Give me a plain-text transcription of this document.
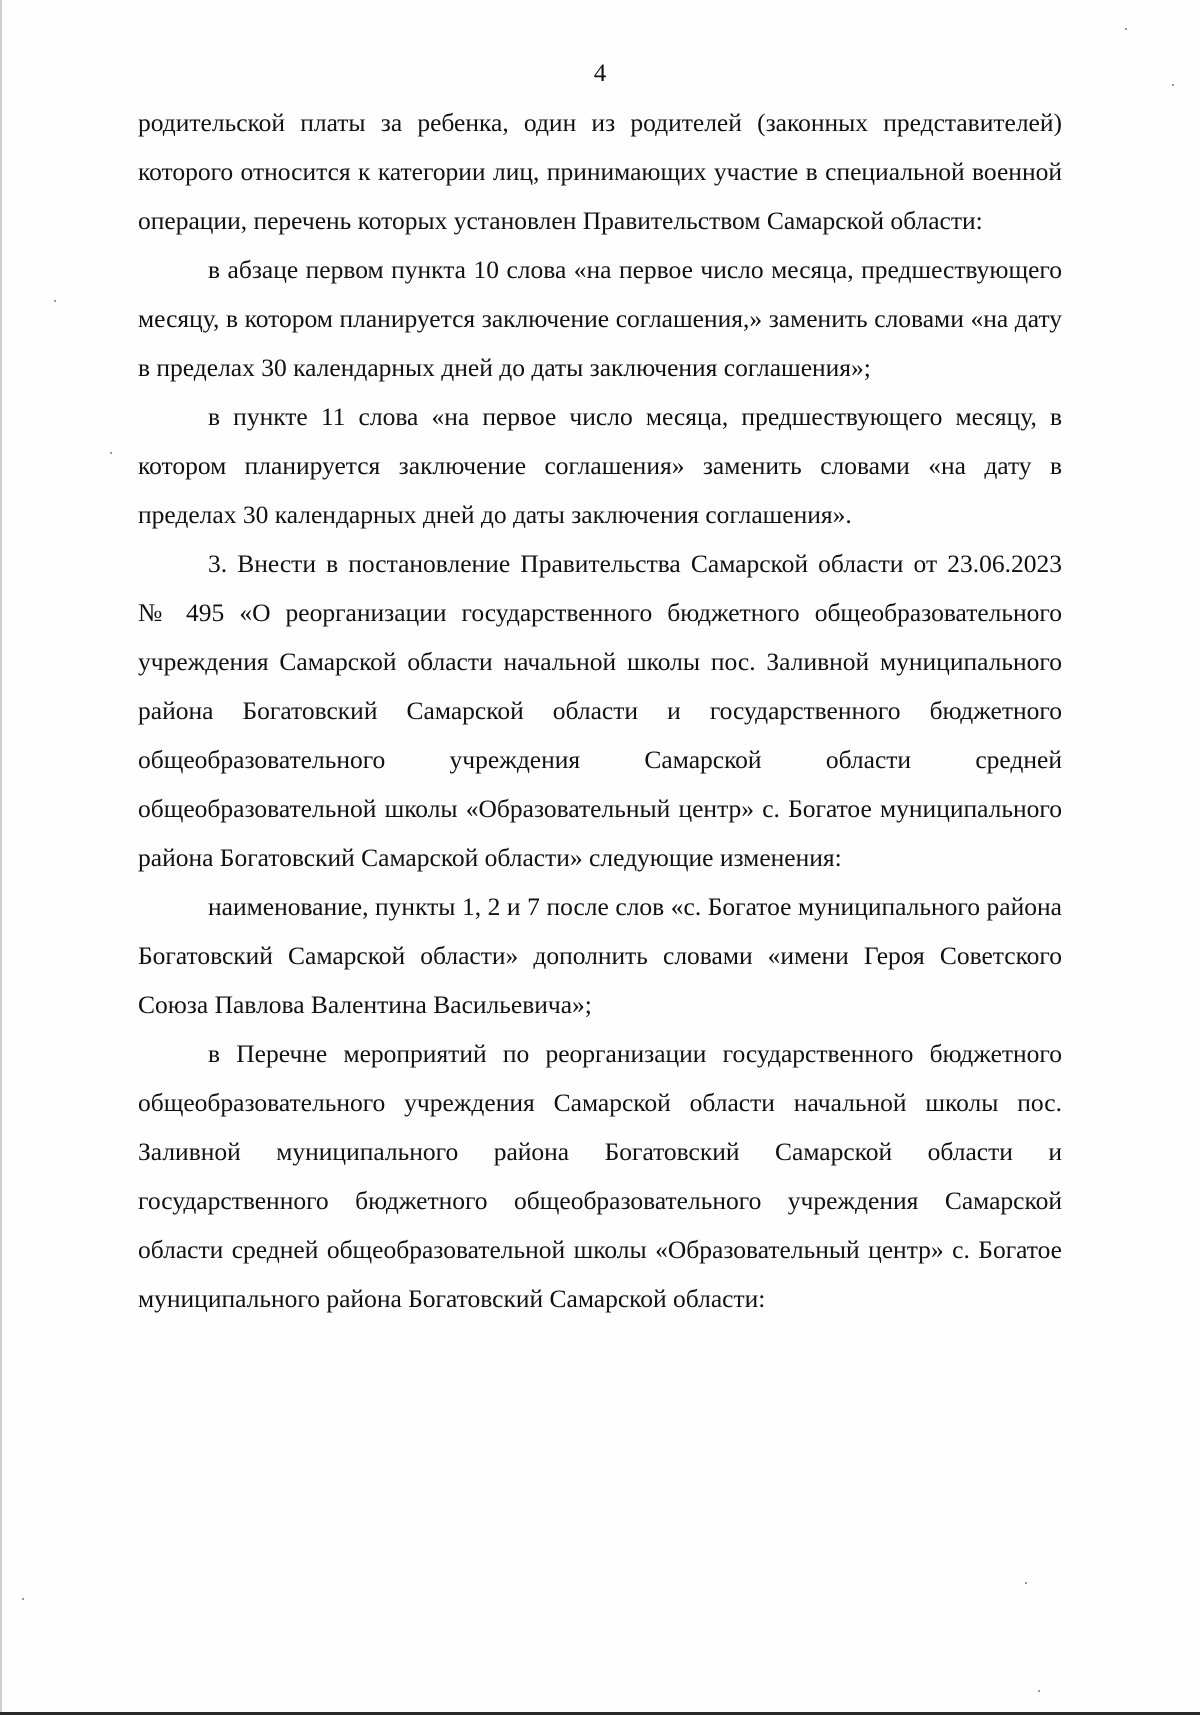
4

родительской платы за ребенка, один из родителей (законных представителей) которого относится к категории лиц, принимающих участие в специальной военной операции, перечень которых установлен Правительством Самарской области:

в абзаце первом пункта 10 слова «на первое число месяца, предшествующего месяцу, в котором планируется заключение соглашения,» заменить словами «на дату в пределах 30 календарных дней до даты заключения соглашения»;

в пункте 11 слова «на первое число месяца, предшествующего месяцу, в котором планируется заключение соглашения» заменить словами «на дату в пределах 30 календарных дней до даты заключения соглашения».

3. Внести в постановление Правительства Самарской области от 23.06.2023 № 495 «О реорганизации государственного бюджетного общеобразовательного учреждения Самарской области начальной школы пос. Заливной муниципального района Богатовский Самарской области и государственного бюджетного общеобразовательного учреждения Самарской области средней общеобразовательной школы «Образовательный центр» с. Богатое муниципального района Богатовский Самарской области» следующие изменения:

наименование, пункты 1, 2 и 7 после слов «с. Богатое муниципального района Богатовский Самарской области» дополнить словами «имени Героя Советского Союза Павлова Валентина Васильевича»;

в Перечне мероприятий по реорганизации государственного бюджетного общеобразовательного учреждения Самарской области начальной школы пос. Заливной муниципального района Богатовский Самарской области и государственного бюджетного общеобразовательного учреждения Самарской области средней общеобразовательной школы «Образовательный центр» с. Богатое муниципального района Богатовский Самарской области:
